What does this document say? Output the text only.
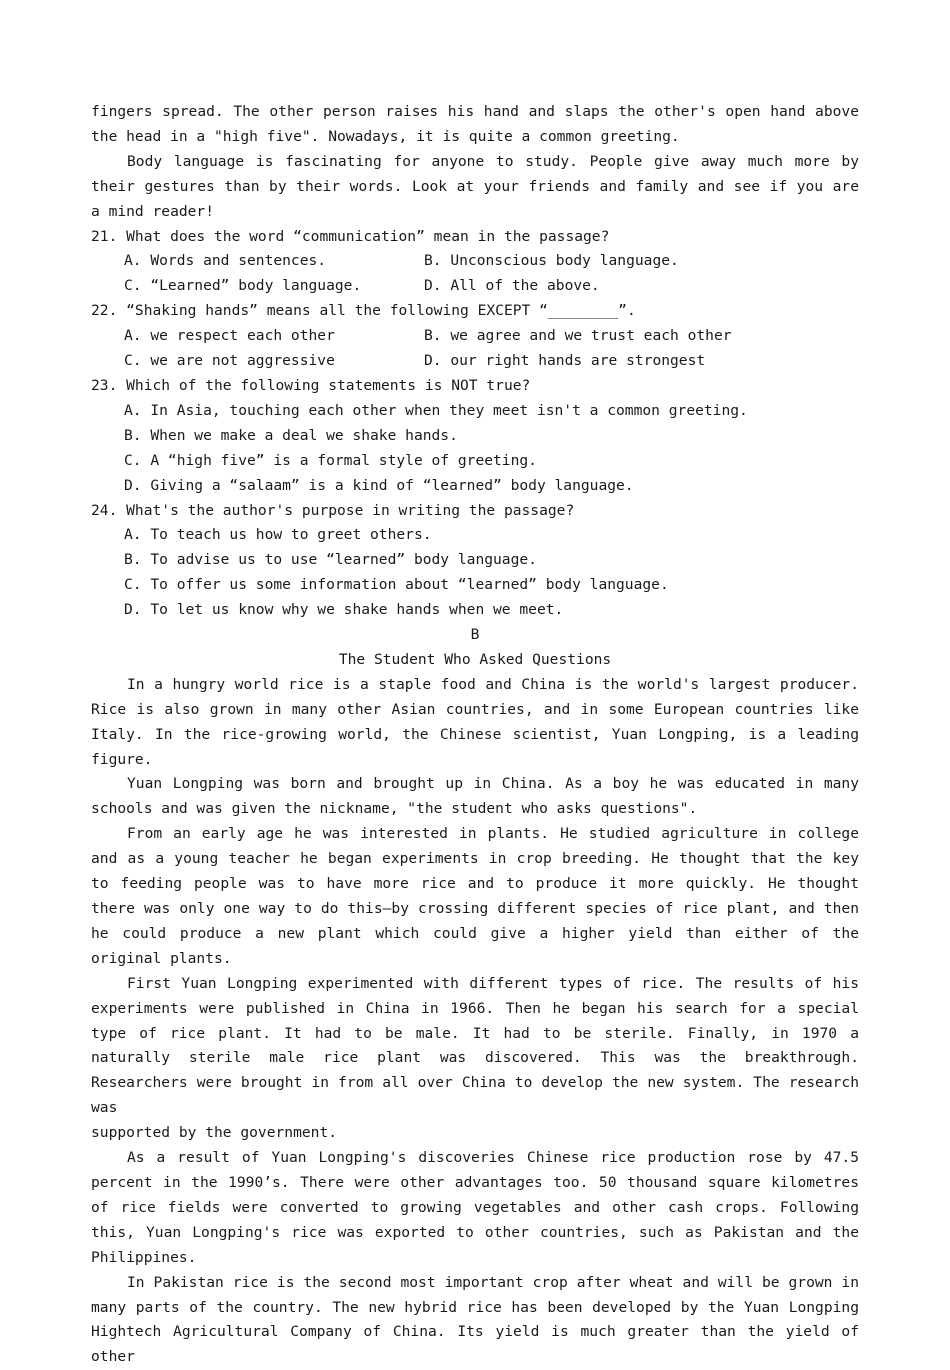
fingers spread. The other person raises his hand and slaps the other's open hand above the head in a "high five". Nowadays, it is quite a common greeting.

Body language is fascinating for anyone to study. People give away much more by their gestures than by their words. Look at your friends and family and see if you are a mind reader!

21. What does the word “communication” mean in the passage?

A. Words and sentences.	B. Unconscious body language.
C. “Learned” body language.	D. All of the above.

22. “Shaking hands” means all the following EXCEPT “________”.

A. we respect each other	B. we agree and we trust each other
C. we are not aggressive	D. our right hands are strongest

23. Which of the following statements is NOT true?

A. In Asia, touching each other when they meet isn't a common greeting.

B. When we make a deal we shake hands.

C. A “high five” is a formal style of greeting.

D. Giving a “salaam” is a kind of “learned” body language.

24. What's the author's purpose in writing the passage?

A. To teach us how to greet others.

B. To advise us to use “learned” body language.

C. To offer us some information about “learned” body language.

D. To let us know why we shake hands when we meet.

B

The Student Who Asked Questions

In a hungry world rice is a staple food and China is the world's largest producer. Rice is also grown in many other Asian countries, and in some European countries like Italy. In the rice-growing world, the Chinese scientist, Yuan Longping, is a leading figure.

Yuan Longping was born and brought up in China. As a boy he was educated in many schools and was given the nickname, "the student who asks questions".

From an early age he was interested in plants. He studied agriculture in college and as a young teacher he began experiments in crop breeding. He thought that the key to feeding people was to have more rice and to produce it more quickly. He thought there was only one way to do this—by crossing different species of rice plant, and then he could produce a new plant which could give a higher yield than either of the original plants.

First Yuan Longping experimented with different types of rice. The results of his experiments were published in China in 1966. Then he began his search for a special type of rice plant. It had to be male. It had to be sterile. Finally, in 1970 a naturally sterile male rice plant was discovered. This was the breakthrough. Researchers were brought in from all over China to develop the new system. The research was

supported by the government.

As a result of Yuan Longping's discoveries Chinese rice production rose by 47.5 percent in the 1990’s. There were other advantages too. 50 thousand square kilometres of rice fields were converted to growing vegetables and other cash crops. Following this, Yuan Longping's rice was exported to other countries, such as Pakistan and the Philippines.

In Pakistan rice is the second most important crop after wheat and will be grown in many parts of the country. The new hybrid rice has been developed by the Yuan Longping Hightech Agricultural Company of China. Its yield is much greater than the yield of other
